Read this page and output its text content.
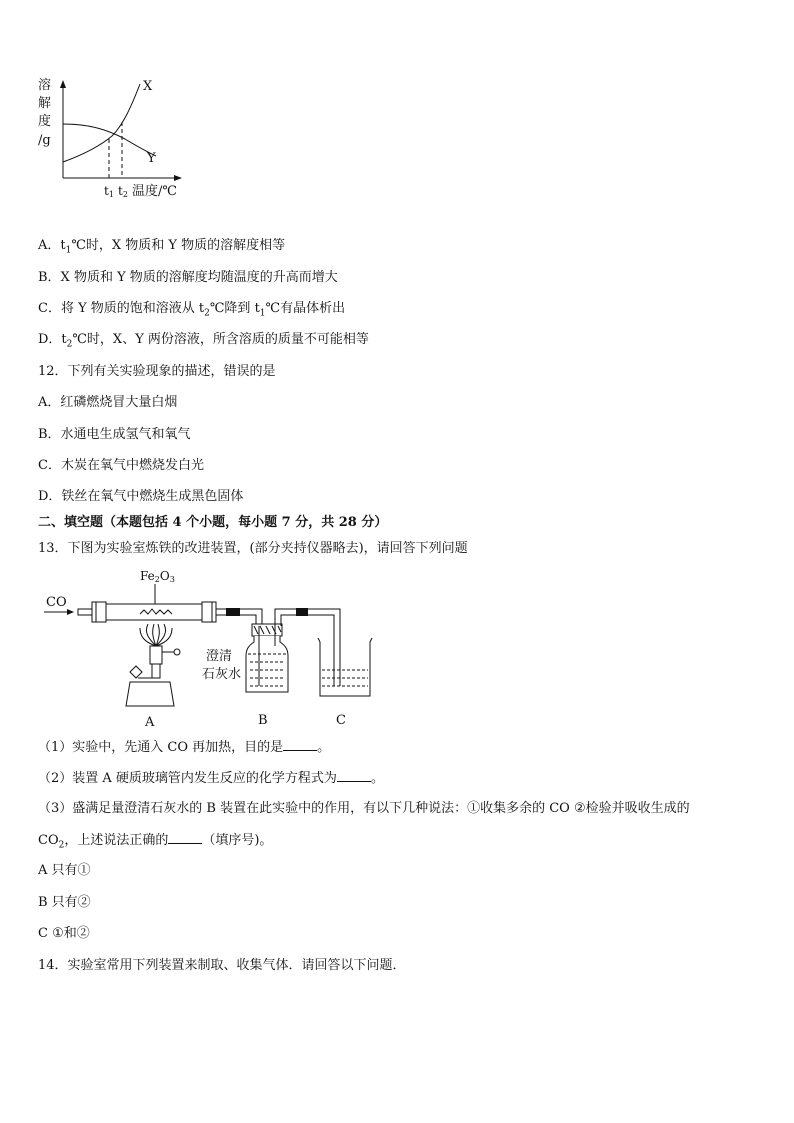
溶
解
度
/g
X
Y
t1 t2 温度/℃
A．$t_1℃$时，X 物质和 Y 物质的溶解度相等
B．X 物质和 Y 物质的溶解度均随温度的升高而增大
C．将 Y 物质的饱和溶液从 $t_2℃$降到 $t_1℃$有晶体析出
D．$t_2℃$时，X、Y 两份溶液，所含溶质的质量不可能相等
12．下列有关实验现象的描述，错误的是
A．红磷燃烧冒大量白烟
B．水通电生成氢气和氧气
C．木炭在氧气中燃烧发白光
D．铁丝在氧气中燃烧生成黑色固体
二、填空题（本题包括 4 个小题，每小题 7 分，共 28 分）
13．下图为实验室炼铁的改进装置，(部分夹持仪器略去)，请回答下列问题
CO
Fe2O3
A
澄清
石灰水
B	C
（1）实验中，先通入 CO 再加热，目的是	。
（2）装置 A 硬质玻璃管内发生反应的化学方程式为	。
（3）盛满足量澄清石灰水的 B 装置在此实验中的作用，有以下几种说法：①收集多余的 CO ②检验并吸收生成的
$CO_2$，上述说法正确的	（填序号)。
A 只有①
B 只有②
C ①和②
14．实验室常用下列装置来制取、收集气体．请回答以下问题．
